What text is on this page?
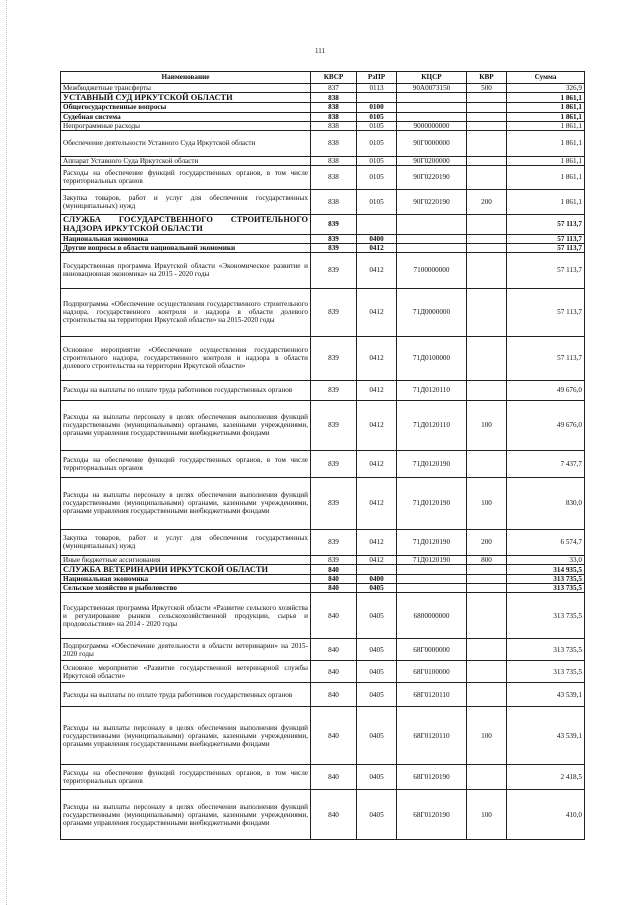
111
Наименование	КВСР	РзПР	КЦСР	КВР	Сумма
Межбюджетные трансферты	837	0113	90А0073150	500	326,9
УСТАВНЫЙ СУД ИРКУТСКОЙ ОБЛАСТИ	838				1 861,1
Общегосударственные вопросы	838	0100			1 861,1
Судебная система	838	0105			1 861,1
Непрограммные расходы	838	0105	9000000000		1 861,1
Обеспечение деятельности Уставного Суда Иркутской области	838	0105	90Г0000000		1 861,1
Аппарат Уставного Суда Иркутской области	838	0105	90Г0200000		1 861,1
Расходы на обеспечение функций государственных органов, в том числе территориальных органов	838	0105	90Г0220190		1 861,1
Закупка товаров, работ и услуг для обеспечения государственных (муниципальных) нужд	838	0105	90Г0220190	200	1 861,1
СЛУЖБА ГОСУДАРСТВЕННОГО СТРОИТЕЛЬНОГО НАДЗОРА ИРКУТСКОЙ ОБЛАСТИ	839				57 113,7
Национальная экономика	839	0400			57 113,7
Другие вопросы в области национальной экономики	839	0412			57 113,7
Государственная программа Иркутской области «Экономическое развитие и инновационная экономика» на 2015 - 2020 годы	839	0412	7100000000		57 113,7
Подпрограмма «Обеспечение осуществления государственного строительного надзора, государственного контроля и надзора в области долевого строительства на территории Иркутской области» на 2015-2020 годы	839	0412	71Д0000000		57 113,7
Основное мероприятие «Обеспечение осуществления государственного строительного надзора, государственного контроля и надзора в области долевого строительства на территории Иркутской области»	839	0412	71Д0100000		57 113,7
Расходы на выплаты по оплате труда работников государственных органов	839	0412	71Д0120110		49 676,0
Расходы на выплаты персоналу в целях обеспечения выполнения функций государственными (муниципальными) органами, казенными учреждениями, органами управления государственными внебюджетными фондами	839	0412	71Д0120110	100	49 676,0
Расходы на обеспечение функций государственных органов, в том числе территориальных органов	839	0412	71Д0120190		7 437,7
Расходы на выплаты персоналу в целях обеспечения выполнения функций государственными (муниципальными) органами, казенными учреждениями, органами управления государственными внебюджетными фондами	839	0412	71Д0120190	100	830,0
Закупка товаров, работ и услуг для обеспечения государственных (муниципальных) нужд	839	0412	71Д0120190	200	6 574,7
Иные бюджетные ассигнования	839	0412	71Д0120190	800	33,0
СЛУЖБА ВЕТЕРИНАРИИ ИРКУТСКОЙ ОБЛАСТИ	840				314 935,5
Национальная экономика	840	0400			313 735,5
Сельское хозяйство и рыболовство	840	0405			313 735,5
Государственная программа Иркутской области «Развитие сельского хозяйства и регулирование рынков сельскохозяйственной продукции, сырья и продовольствия» на 2014 - 2020 годы	840	0405	6800000000		313 735,5
Подпрограмма «Обеспечение деятельности в области ветеринарии» на 2015-2020 годы	840	0405	68Г0000000		313 735,5
Основное мероприятие «Развитие государственной ветеринарной службы Иркутской области»	840	0405	68Г0100000		313 735,5
Расходы на выплаты по оплате труда работников государственных органов	840	0405	68Г0120110		43 539,1
Расходы на выплаты персоналу в целях обеспечения выполнения функций государственными (муниципальными) органами, казенными учреждениями, органами управления государственными внебюджетными фондами	840	0405	68Г0120110	100	43 539,1
Расходы на обеспечение функций государственных органов, в том числе территориальных органов	840	0405	68Г0120190		2 418,5
Расходы на выплаты персоналу в целях обеспечения выполнения функций государственными (муниципальными) органами, казенными учреждениями, органами управления государственными внебюджетными фондами	840	0405	68Г0120190	100	410,0
